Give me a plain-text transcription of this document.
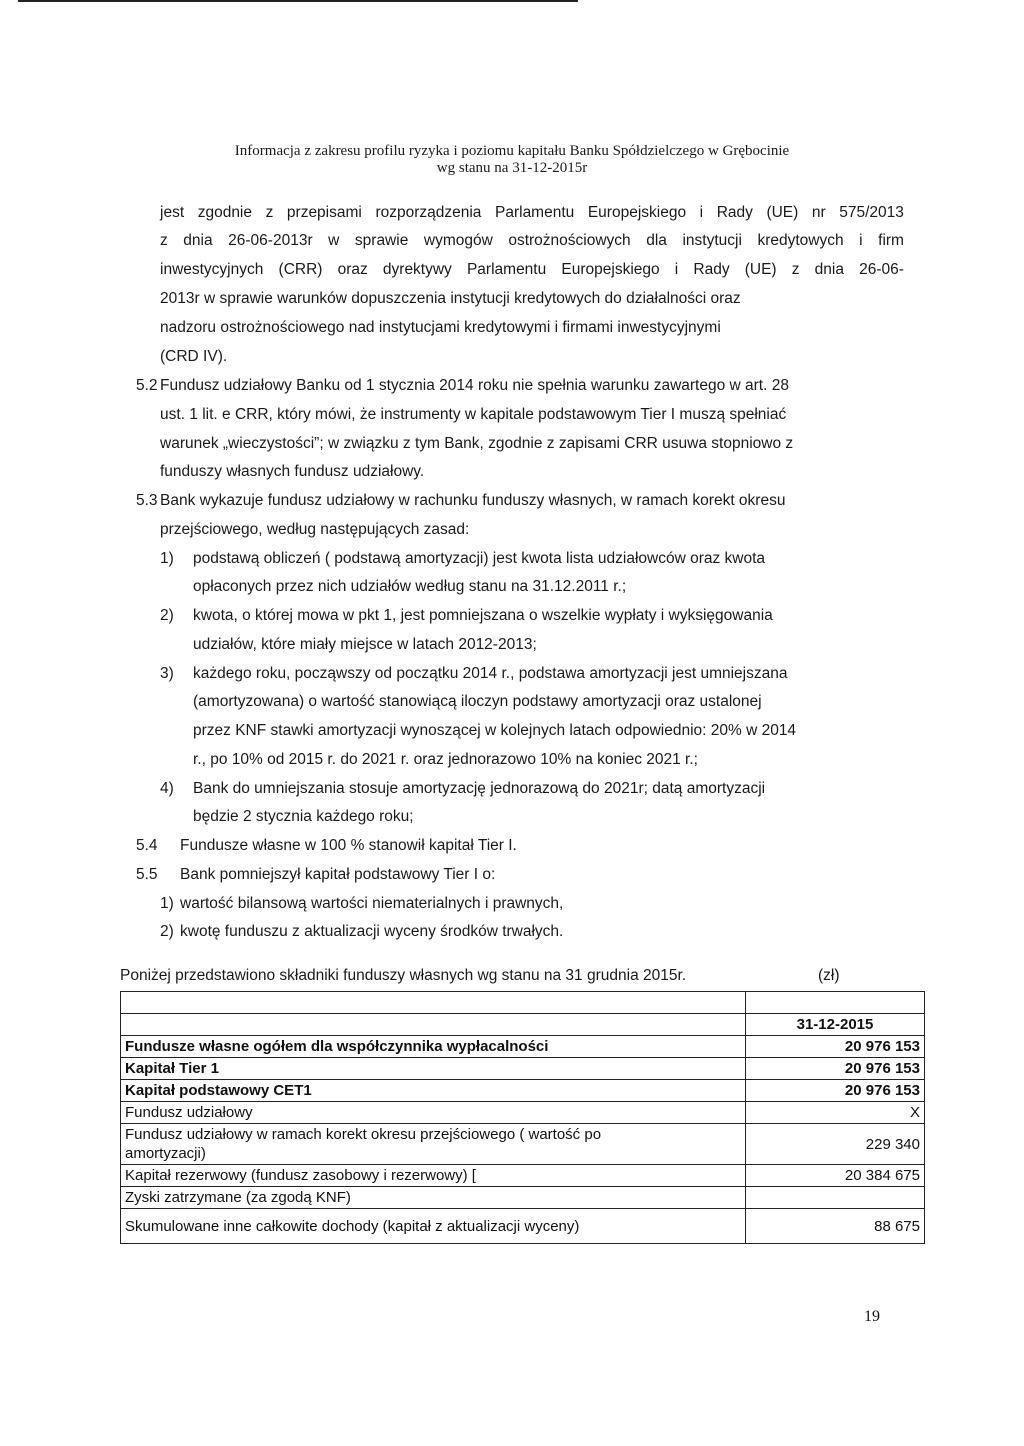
Informacja z zakresu profilu ryzyka i poziomu kapitału Banku Spółdzielczego w Grębocinie
wg stanu na 31-12-2015r
jest zgodnie z przepisami rozporządzenia Parlamentu Europejskiego i Rady (UE) nr 575/2013
z dnia 26-06-2013r w sprawie wymogów ostrożnościowych dla instytucji kredytowych i firm
inwestycyjnych (CRR) oraz dyrektywy Parlamentu Europejskiego i Rady (UE) z dnia 26-06-
2013r w sprawie warunków dopuszczenia instytucji kredytowych do działalności oraz
nadzoru ostrożnościowego nad instytucjami kredytowymi i firmami inwestycyjnymi
(CRD IV).
5.2 Fundusz udziałowy Banku od 1 stycznia 2014 roku nie spełnia warunku zawartego w art. 28
ust. 1 lit. e CRR, który mówi, że instrumenty w kapitale podstawowym Tier I muszą spełniać
warunek „wieczystości”; w związku z tym Bank, zgodnie z zapisami CRR usuwa stopniowo z
funduszy własnych fundusz udziałowy.
5.3 Bank wykazuje fundusz udziałowy w rachunku funduszy własnych, w ramach korekt okresu
przejściowego, według następujących zasad:
1) podstawą obliczeń ( podstawą amortyzacji) jest kwota lista udziałowców oraz kwota
opłaconych przez nich udziałów według stanu na 31.12.2011 r.;
2) kwota, o której mowa w pkt 1, jest pomniejszana o wszelkie wypłaty i wyksięgowania
udziałów, które miały miejsce w latach 2012-2013;
3) każdego roku, począwszy od początku 2014 r., podstawa amortyzacji jest umniejszana
(amortyzowana) o wartość stanowiącą iloczyn podstawy amortyzacji oraz ustalonej
przez KNF stawki amortyzacji wynoszącej w kolejnych latach odpowiednio: 20% w 2014
r., po 10% od 2015 r. do 2021 r. oraz jednorazowo 10% na koniec 2021 r.;
4) Bank do umniejszania stosuje amortyzację jednorazową do 2021r; datą amortyzacji
będzie 2 stycznia każdego roku;
5.4 Fundusze własne w 100 % stanowił kapitał Tier I.
5.5 Bank pomniejszył kapitał podstawowy Tier I o:
1) wartość bilansową wartości niematerialnych i prawnych,
2) kwotę funduszu z aktualizacji wyceny środków trwałych.
Poniżej przedstawiono składniki funduszy własnych wg stanu na 31 grudnia 2015r.	(zł)

	31-12-2015
Fundusze własne ogółem dla współczynnika wypłacalności	20 976 153
Kapitał Tier 1	20 976 153
Kapitał podstawowy CET1	20 976 153
Fundusz udziałowy	X

Fundusz udziałowy w ramach korekt okresu przejściowego ( wartość po
amortyzacji)	229 340
Kapitał rezerwowy (fundusz zasobowy i rezerwowy) [	20 384 675
Zyski zatrzymane (za zgodą KNF)	
Skumulowane inne całkowite dochody (kapitał z aktualizacji wyceny)	88 675
19
